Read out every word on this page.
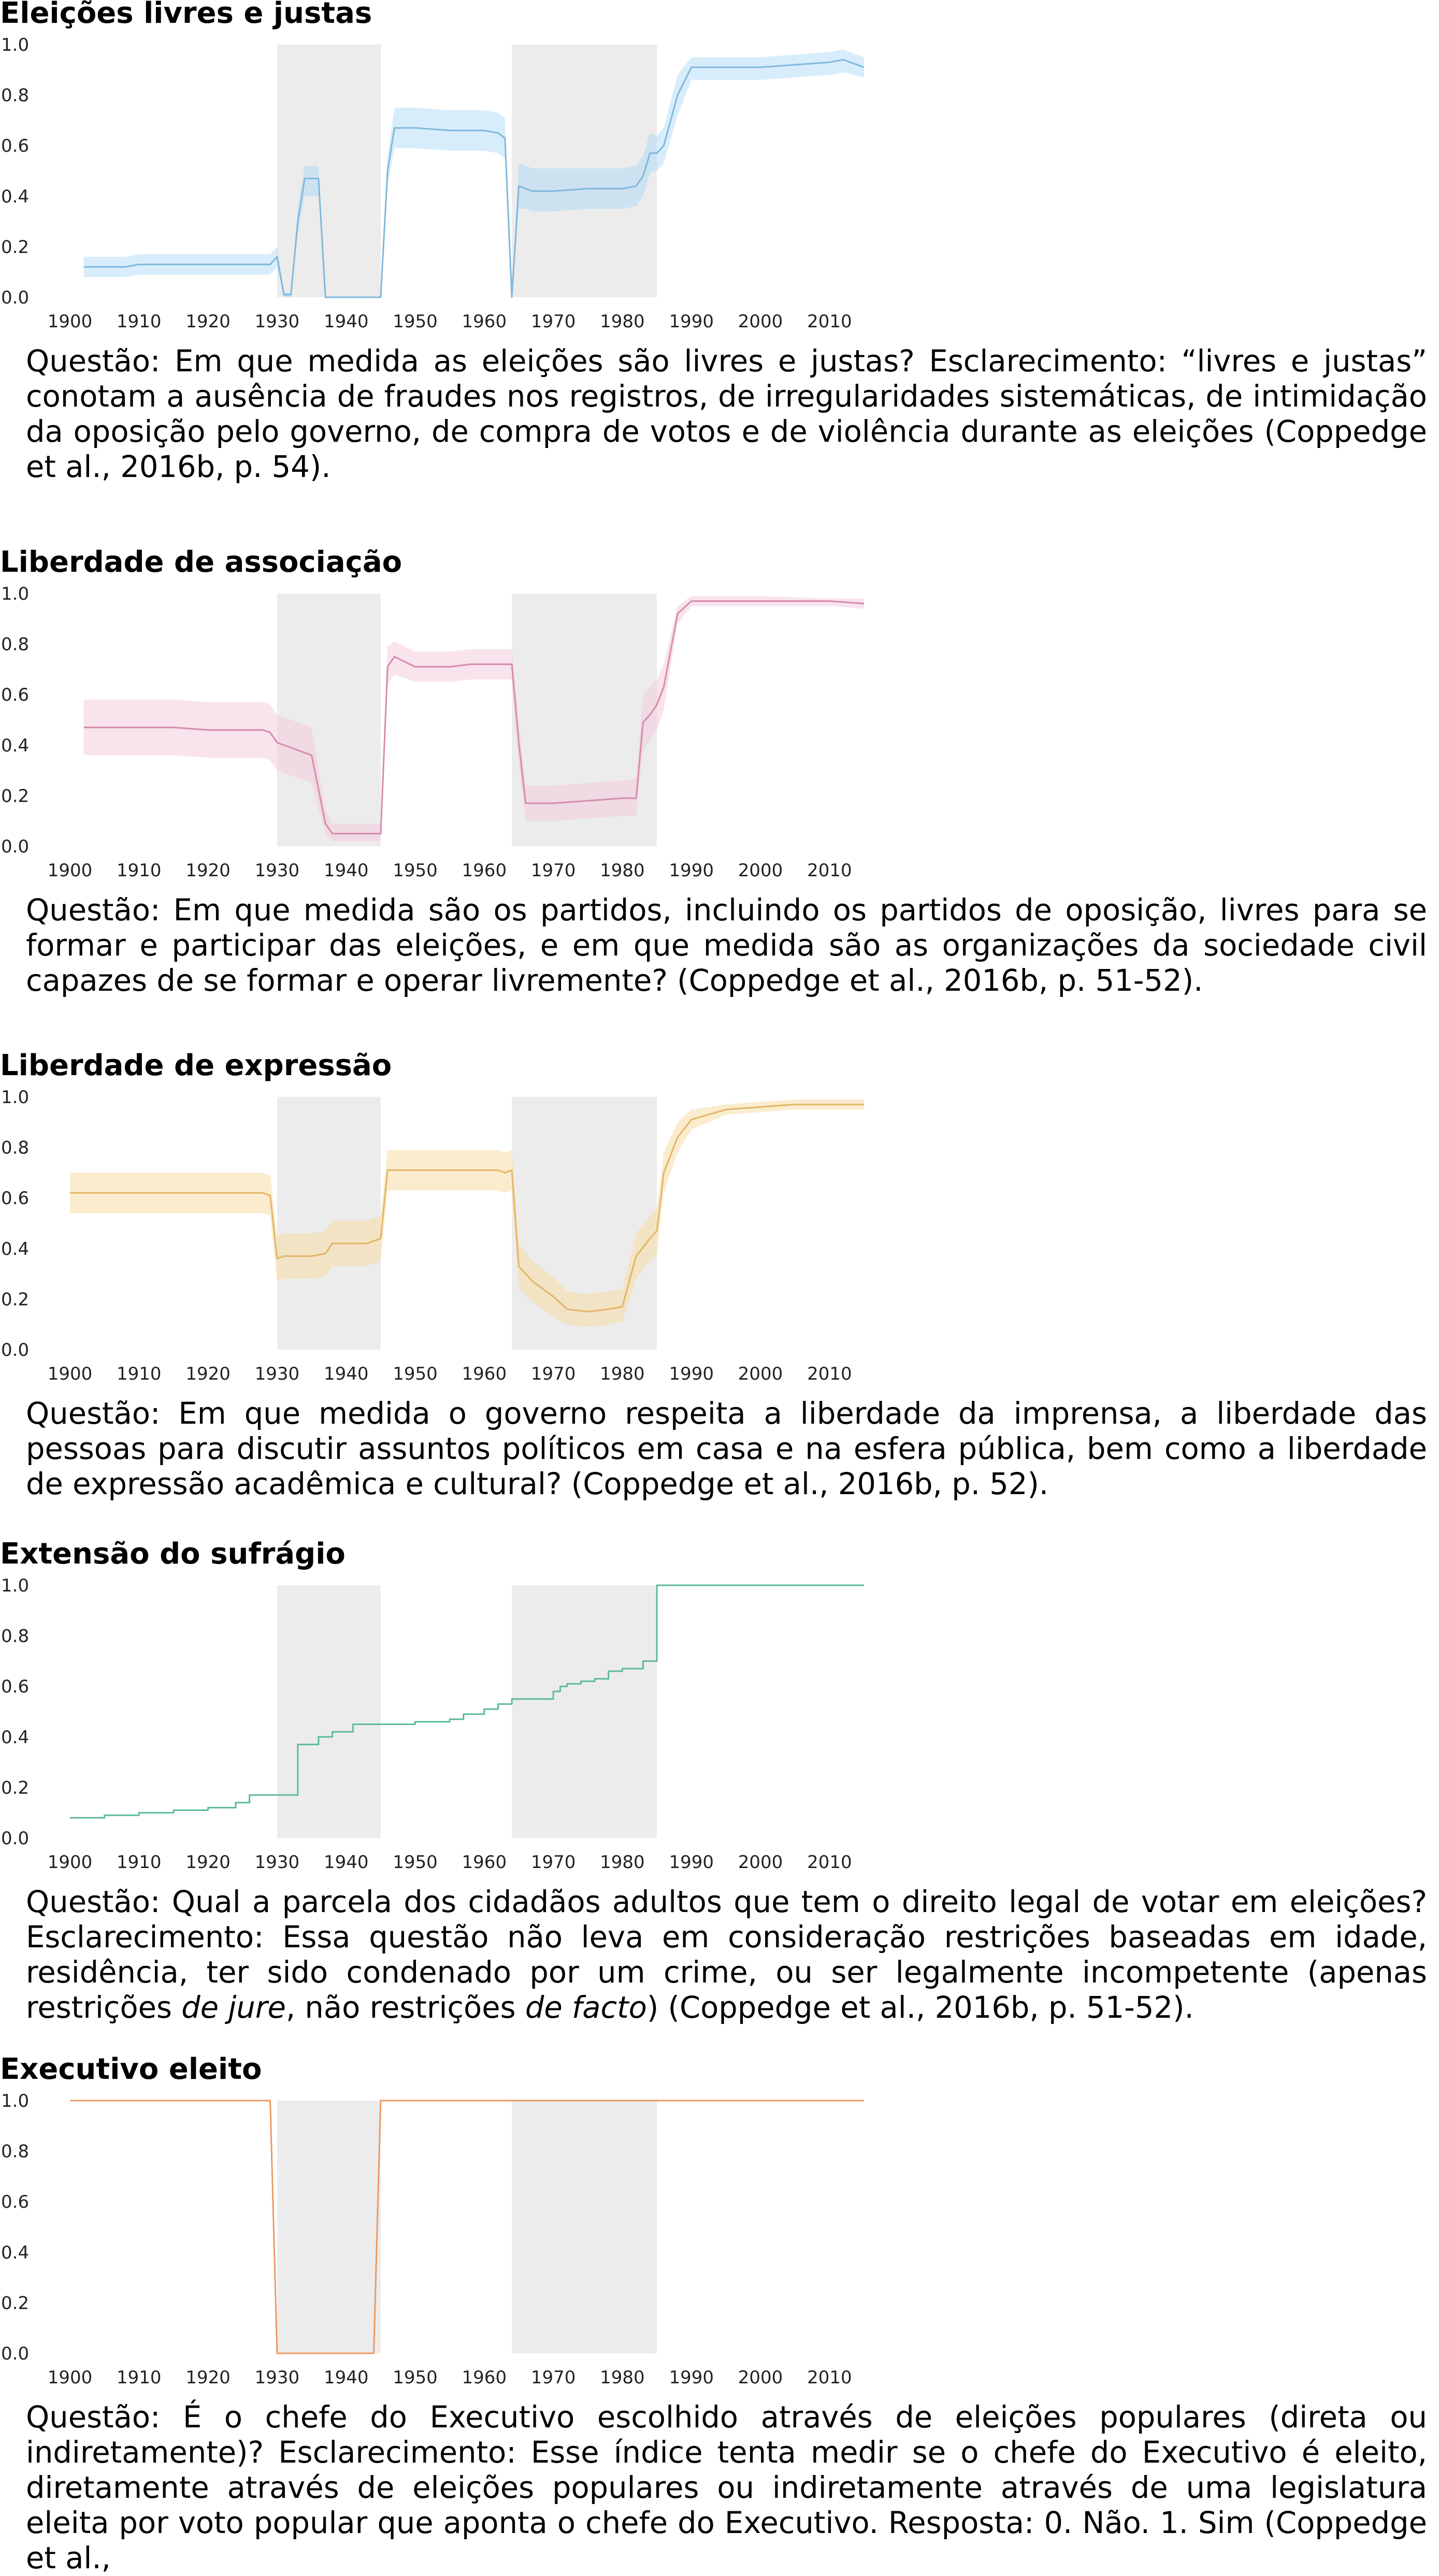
Eleições livres e justas
0.0
0.2
0.4
0.6
0.8
1.0
1900 1910 1920 1930 1940 1950 1960 1970 1980 1990 2000 2010

Questão: Em que medida as eleições são livres e justas? Esclarecimento: “livres e justas” conotam a ausência de fraudes nos registros, de irregularidades sistemáticas, de intimidação da oposição pelo governo, de compra de votos e de violência durante as eleições (Coppedge et al., 2016b, p. 54).

Liberdade de associação
0.0
0.2
0.4
0.6
0.8
1.0
1900 1910 1920 1930 1940 1950 1960 1970 1980 1990 2000 2010

Questão: Em que medida são os partidos, incluindo os partidos de oposição, livres para se formar e participar das eleições, e em que medida são as organizações da sociedade civil capazes de se formar e operar livremente? (Coppedge et al., 2016b, p. 51-52).

Liberdade de expressão
0.0
0.2
0.4
0.6
0.8
1.0
1900 1910 1920 1930 1940 1950 1960 1970 1980 1990 2000 2010

Questão: Em que medida o governo respeita a liberdade da imprensa, a liberdade das pessoas para discutir assuntos políticos em casa e na esfera pública, bem como a liberdade de expressão acadêmica e cultural? (Coppedge et al., 2016b, p. 52).

Extensão do sufrágio
0.0
0.2
0.4
0.6
0.8
1.0
1900 1910 1920 1930 1940 1950 1960 1970 1980 1990 2000 2010

Questão: Qual a parcela dos cidadãos adultos que tem o direito legal de votar em eleições? Esclarecimento: Essa questão não leva em consideração restrições baseadas em idade, residência, ter sido condenado por um crime, ou ser legalmente incompetente (apenas restrições de jure, não restrições de facto) (Coppedge et al., 2016b, p. 51-52).

Executivo eleito
0.0
0.2
0.4
0.6
0.8
1.0
1900 1910 1920 1930 1940 1950 1960 1970 1980 1990 2000 2010

Questão: É o chefe do Executivo escolhido através de eleições populares (direta ou indiretamente)? Esclarecimento: Esse índice tenta medir se o chefe do Executivo é eleito, diretamente através de eleições populares ou indiretamente através de uma legislatura eleita por voto popular que aponta o chefe do Executivo. Resposta: 0. Não. 1. Sim (Coppedge et al.,
